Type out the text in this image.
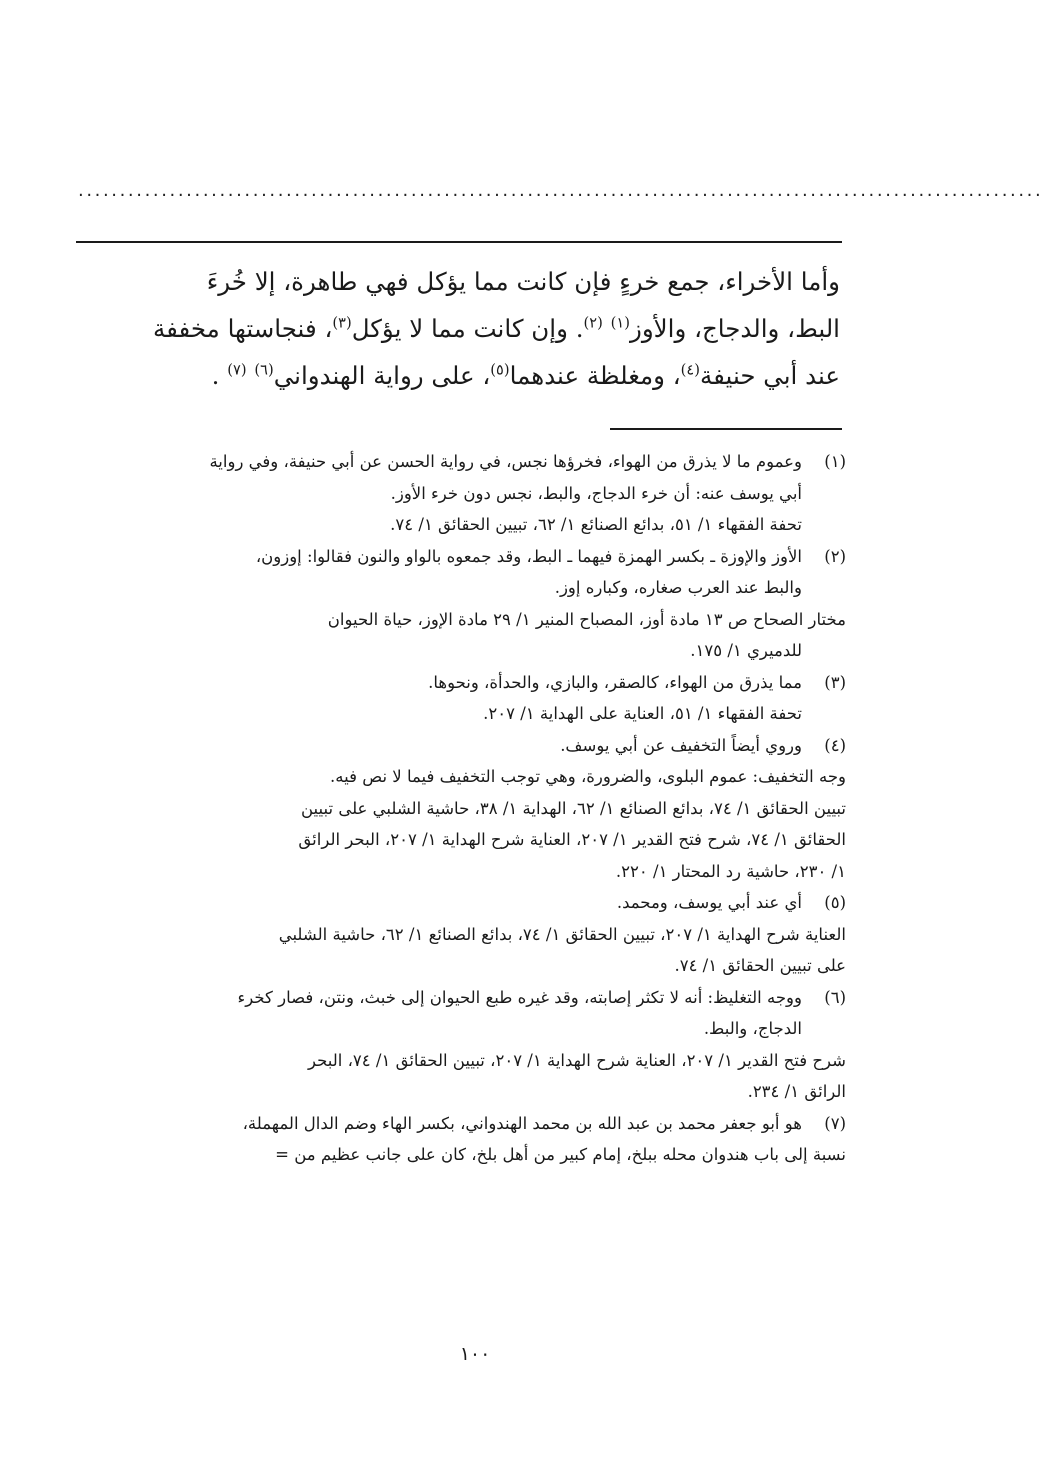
....................................................................................................................

وأما الأخراء، جمع خرءٍ فإن كانت مما يؤكل فهي طاهرة، إلا خُرءَ

البط، والدجاج، والأوز$^{(١)}$ $^{(٢)}$. وإن كانت مما لا يؤكل$^{(٣)}$، فنجاستها مخففة

عند أبي حنيفة$^{(٤)}$، ومغلظة عندهما$^{(٥)}$، على رواية الهندواني$^{(٦)}$ $^{(٧)}$ .

(١)

وعموم ما لا يذرق من الهواء، فخرؤها نجس، في رواية الحسن عن أبي حنيفة، وفي رواية

أبي يوسف عنه: أن خرء الدجاج، والبط، نجس دون خرء الأوز.

تحفة الفقهاء ١/ ٥١، بدائع الصنائع ١/ ٦٢، تبيين الحقائق ١/ ٧٤.

(٢)

الأوز والإوزة ـ بكسر الهمزة فيهما ـ البط، وقد جمعوه بالواو والنون فقالوا: إوزون،

والبط عند العرب صغاره، وكباره إوز.

مختار الصحاح ص ١٣ مادة أوز، المصباح المنير ١/ ٢٩ مادة الإوز، حياة الحيوان

للدميري ١/ ١٧٥.

(٣)

مما يذرق من الهواء، كالصقر، والبازي، والحدأة، ونحوها.

تحفة الفقهاء ١/ ٥١، العناية على الهداية ١/ ٢٠٧.

(٤)

وروي أيضاً التخفيف عن أبي يوسف.

وجه التخفيف: عموم البلوى، والضرورة، وهي توجب التخفيف فيما لا نص فيه.

تبيين الحقائق ١/ ٧٤، بدائع الصنائع ١/ ٦٢، الهداية ١/ ٣٨، حاشية الشلبي على تبيين

الحقائق ١/ ٧٤، شرح فتح القدير ١/ ٢٠٧، العناية شرح الهداية ١/ ٢٠٧، البحر الرائق

١/ ٢٣٠، حاشية رد المحتار ١/ ٢٢٠.

(٥)

أي عند أبي يوسف، ومحمد.

العناية شرح الهداية ١/ ٢٠٧، تبيين الحقائق ١/ ٧٤، بدائع الصنائع ١/ ٦٢، حاشية الشلبي

على تبيين الحقائق ١/ ٧٤.

(٦)

ووجه التغليظ: أنه لا تكثر إصابته، وقد غيره طبع الحيوان إلى خبث، ونتن، فصار كخرء

الدجاج، والبط.

شرح فتح القدير ١/ ٢٠٧، العناية شرح الهداية ١/ ٢٠٧، تبيين الحقائق ١/ ٧٤، البحر

الرائق ١/ ٢٣٤.

(٧)

هو أبو جعفر محمد بن عبد الله بن محمد الهندواني، بكسر الهاء وضم الدال المهملة،

نسبة إلى باب هندوان محله ببلخ، إمام كبير من أهل بلخ، كان على جانب عظيم من =

١٠٠
